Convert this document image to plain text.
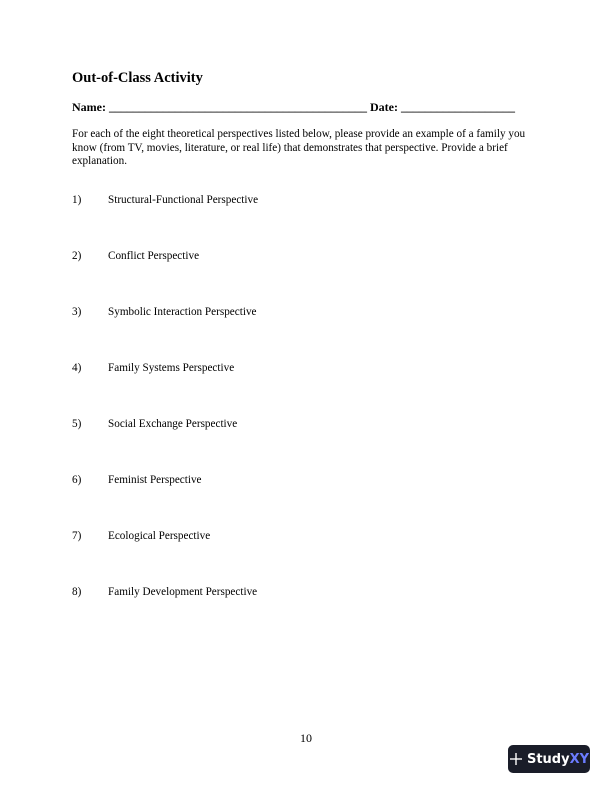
Out-of-Class Activity
Name: ___________________________________________ Date: ___________________

For each of the eight theoretical perspectives listed below, please provide an example of a family you know (from TV, movies, literature, or real life) that demonstrates that perspective. Provide a brief explanation.

1) Structural-Functional Perspective
2) Conflict Perspective
3) Symbolic Interaction Perspective
4) Family Systems Perspective
5) Social Exchange Perspective
6) Feminist Perspective
7) Ecological Perspective
8) Family Development Perspective
10
Study XY
